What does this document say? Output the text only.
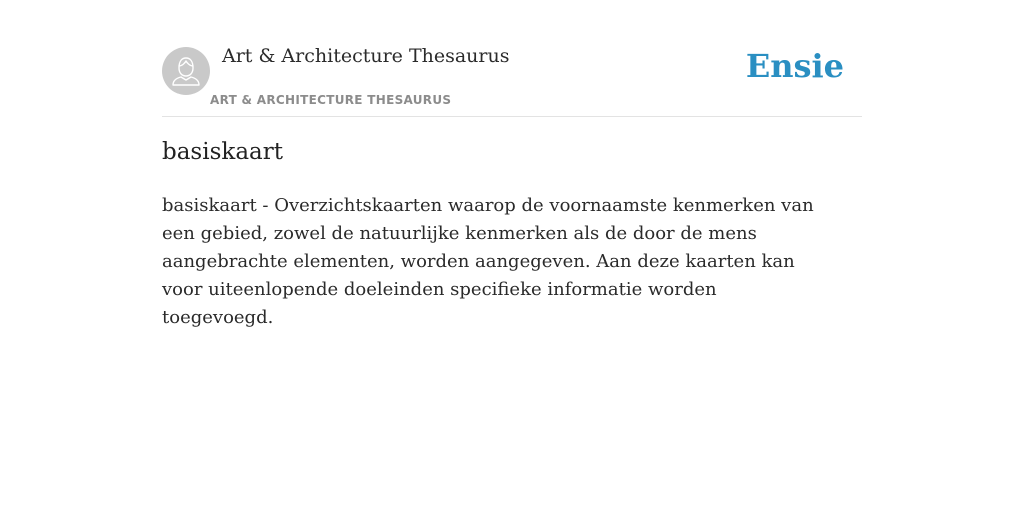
Art & Architecture Thesaurus
ART & ARCHITECTURE THESAURUS
Ensie
basiskaart

basiskaart - Overzichtskaarten waarop de voornaamste kenmerken van een gebied, zowel de natuurlijke kenmerken als de door de mens aangebrachte elementen, worden aangegeven. Aan deze kaarten kan voor uiteenlopende doeleinden specifieke informatie worden toegevoegd.
